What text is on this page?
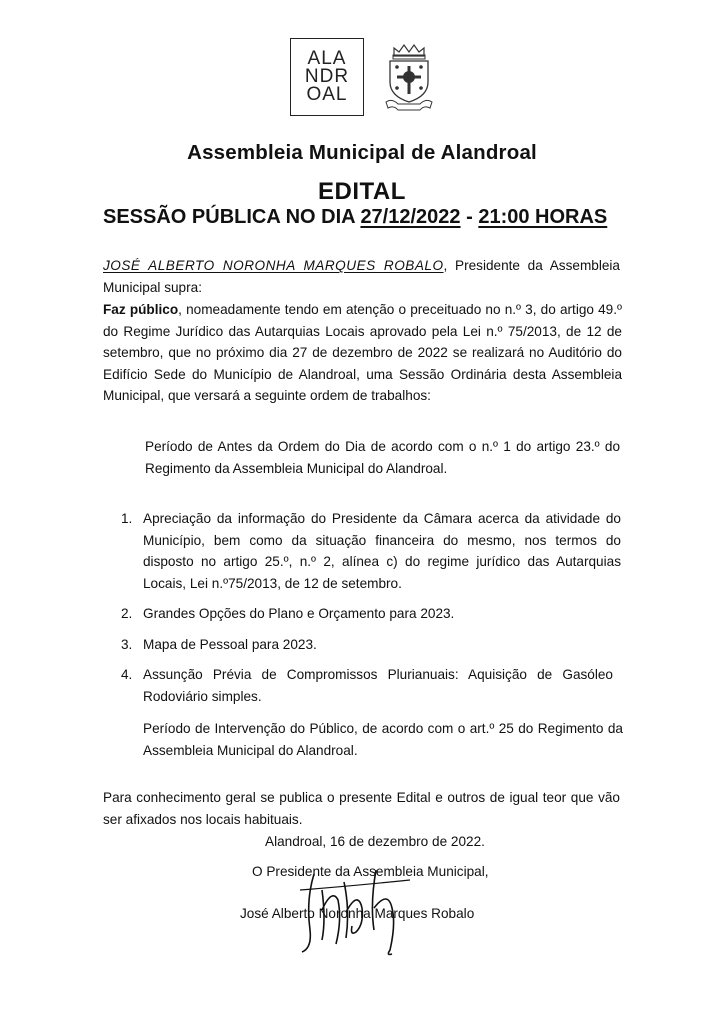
ALA
NDR
OAL
Assembleia Municipal de Alandroal
EDITAL
SESSÃO PÚBLICA NO DIA 27/12/2022 - 21:00 HORAS
JOSÉ ALBERTO NORONHA MARQUES ROBALO, Presidente da Assembleia Municipal supra:
Faz público, nomeadamente tendo em atenção o preceituado no n.º 3, do artigo 49.º do Regime Jurídico das Autarquias Locais aprovado pela Lei n.º 75/2013, de 12 de setembro, que no próximo dia 27 de dezembro de 2022 se realizará no Auditório do Edifício Sede do Município de Alandroal, uma Sessão Ordinária desta Assembleia Municipal, que versará a seguinte ordem de trabalhos:
Período de Antes da Ordem do Dia de acordo com o n.º 1 do artigo 23.º do Regimento da Assembleia Municipal do Alandroal.
1. Apreciação da informação do Presidente da Câmara acerca da atividade do Município, bem como da situação financeira do mesmo, nos termos do disposto no artigo 25.º, n.º 2, alínea c) do regime jurídico das Autarquias Locais, Lei n.º75/2013, de 12 de setembro.
2. Grandes Opções do Plano e Orçamento para 2023.
3. Mapa de Pessoal para 2023.
4. Assunção Prévia de Compromissos Plurianuais: Aquisição de Gasóleo Rodoviário simples.
Período de Intervenção do Público, de acordo com o art.º 25 do Regimento da Assembleia Municipal do Alandroal.
Para conhecimento geral se publica o presente Edital e outros de igual teor que vão ser afixados nos locais habituais.
Alandroal, 16 de dezembro de 2022.
O Presidente da Assembleia Municipal,
José Alberto Noronha Marques Robalo
